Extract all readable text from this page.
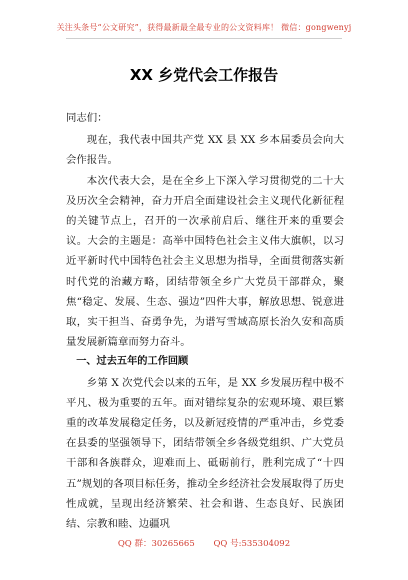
关注头条号“公文研究”，获得最新最全最专业的公文资料库！ 微信：gongwenyj
XX 乡党代会工作报告

同志们：

现在，我代表中国共产党 XX 县 XX 乡本届委员会向大会作报告。

本次代表大会，是在全乡上下深入学习贯彻党的二十大及历次全会精神，奋力开启全面建设社会主义现代化新征程的关键节点上，召开的一次承前启后、继往开来的重要会议。大会的主题是：高举中国特色社会主义伟大旗帜，以习近平新时代中国特色社会主义思想为指导，全面贯彻落实新时代党的治藏方略，团结带领全乡广大党员干部群众，聚焦“稳定、发展、生态、强边”四件大事，解放思想、锐意进取，实干担当、奋勇争先，为谱写雪域高原长治久安和高质量发展新篇章而努力奋斗。

一、过去五年的工作回顾

乡第 X 次党代会以来的五年，是 XX 乡发展历程中极不平凡、极为重要的五年。面对错综复杂的宏观环境、艰巨繁重的改革发展稳定任务，以及新冠疫情的严重冲击，乡党委在县委的坚强领导下，团结带领全乡各级党组织、广大党员干部和各族群众，迎难而上、砥砺前行，胜利完成了“十四五”规划的各项目标任务，推动全乡经济社会发展取得了历史性成就，呈现出经济繁荣、社会和谐、生态良好、民族团结、宗教和睦、边疆巩

QQ 群：30265665 QQ 号:535304092
